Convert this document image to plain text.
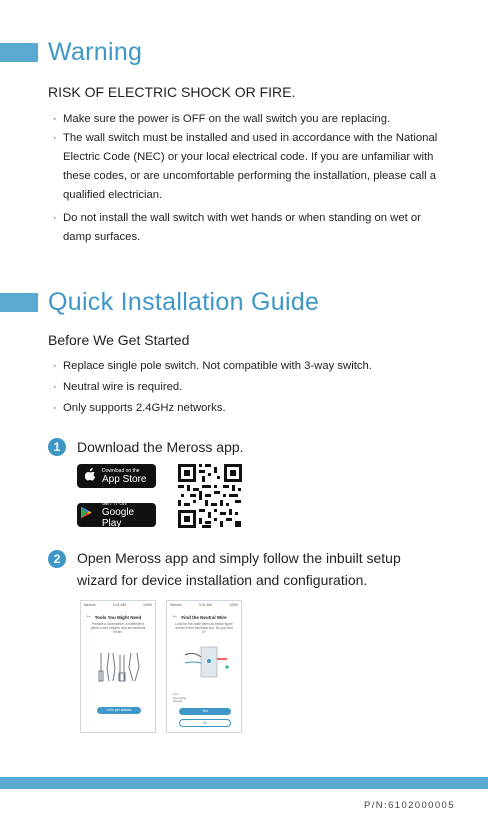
Warning
RISK OF ELECTRIC SHOCK OR FIRE.
· Make sure the power is OFF on the wall switch you are replacing.
· The wall switch must be installed and used in accordance with the National Electric Code (NEC) or your local electrical code. If you are unfamiliar with these codes, or are uncomfortable performing the installation, please call a qualified electrician.
· Do not install the wall switch with wet hands or when standing on wet or damp surfaces.
Quick Installation Guide
Before We Get Started
· Replace single pole switch. Not compatible with 3-way switch.
· Neutral wire is required.
· Only supports 2.4GHz networks.
1	Download the Meross app.
Download on the
App Store
GET IT ON
Google Play
2	Open Meross app and simply follow the inbuilt setup wizard for device installation and configuration.
Meross	9:41 AM	100%
← Tools You Might Need
Prepare a screwdriver, a voltmeter's pliers a wire stripper and an electrical tester.
Let's get started
Meross	9:41 AM	100%
← Find the Neutral Wire
Look for the white wires as below figure shown in the electrical box. Do you find it?
Line
Grounding
Neutral
Yes
No
P/N:6102000005
